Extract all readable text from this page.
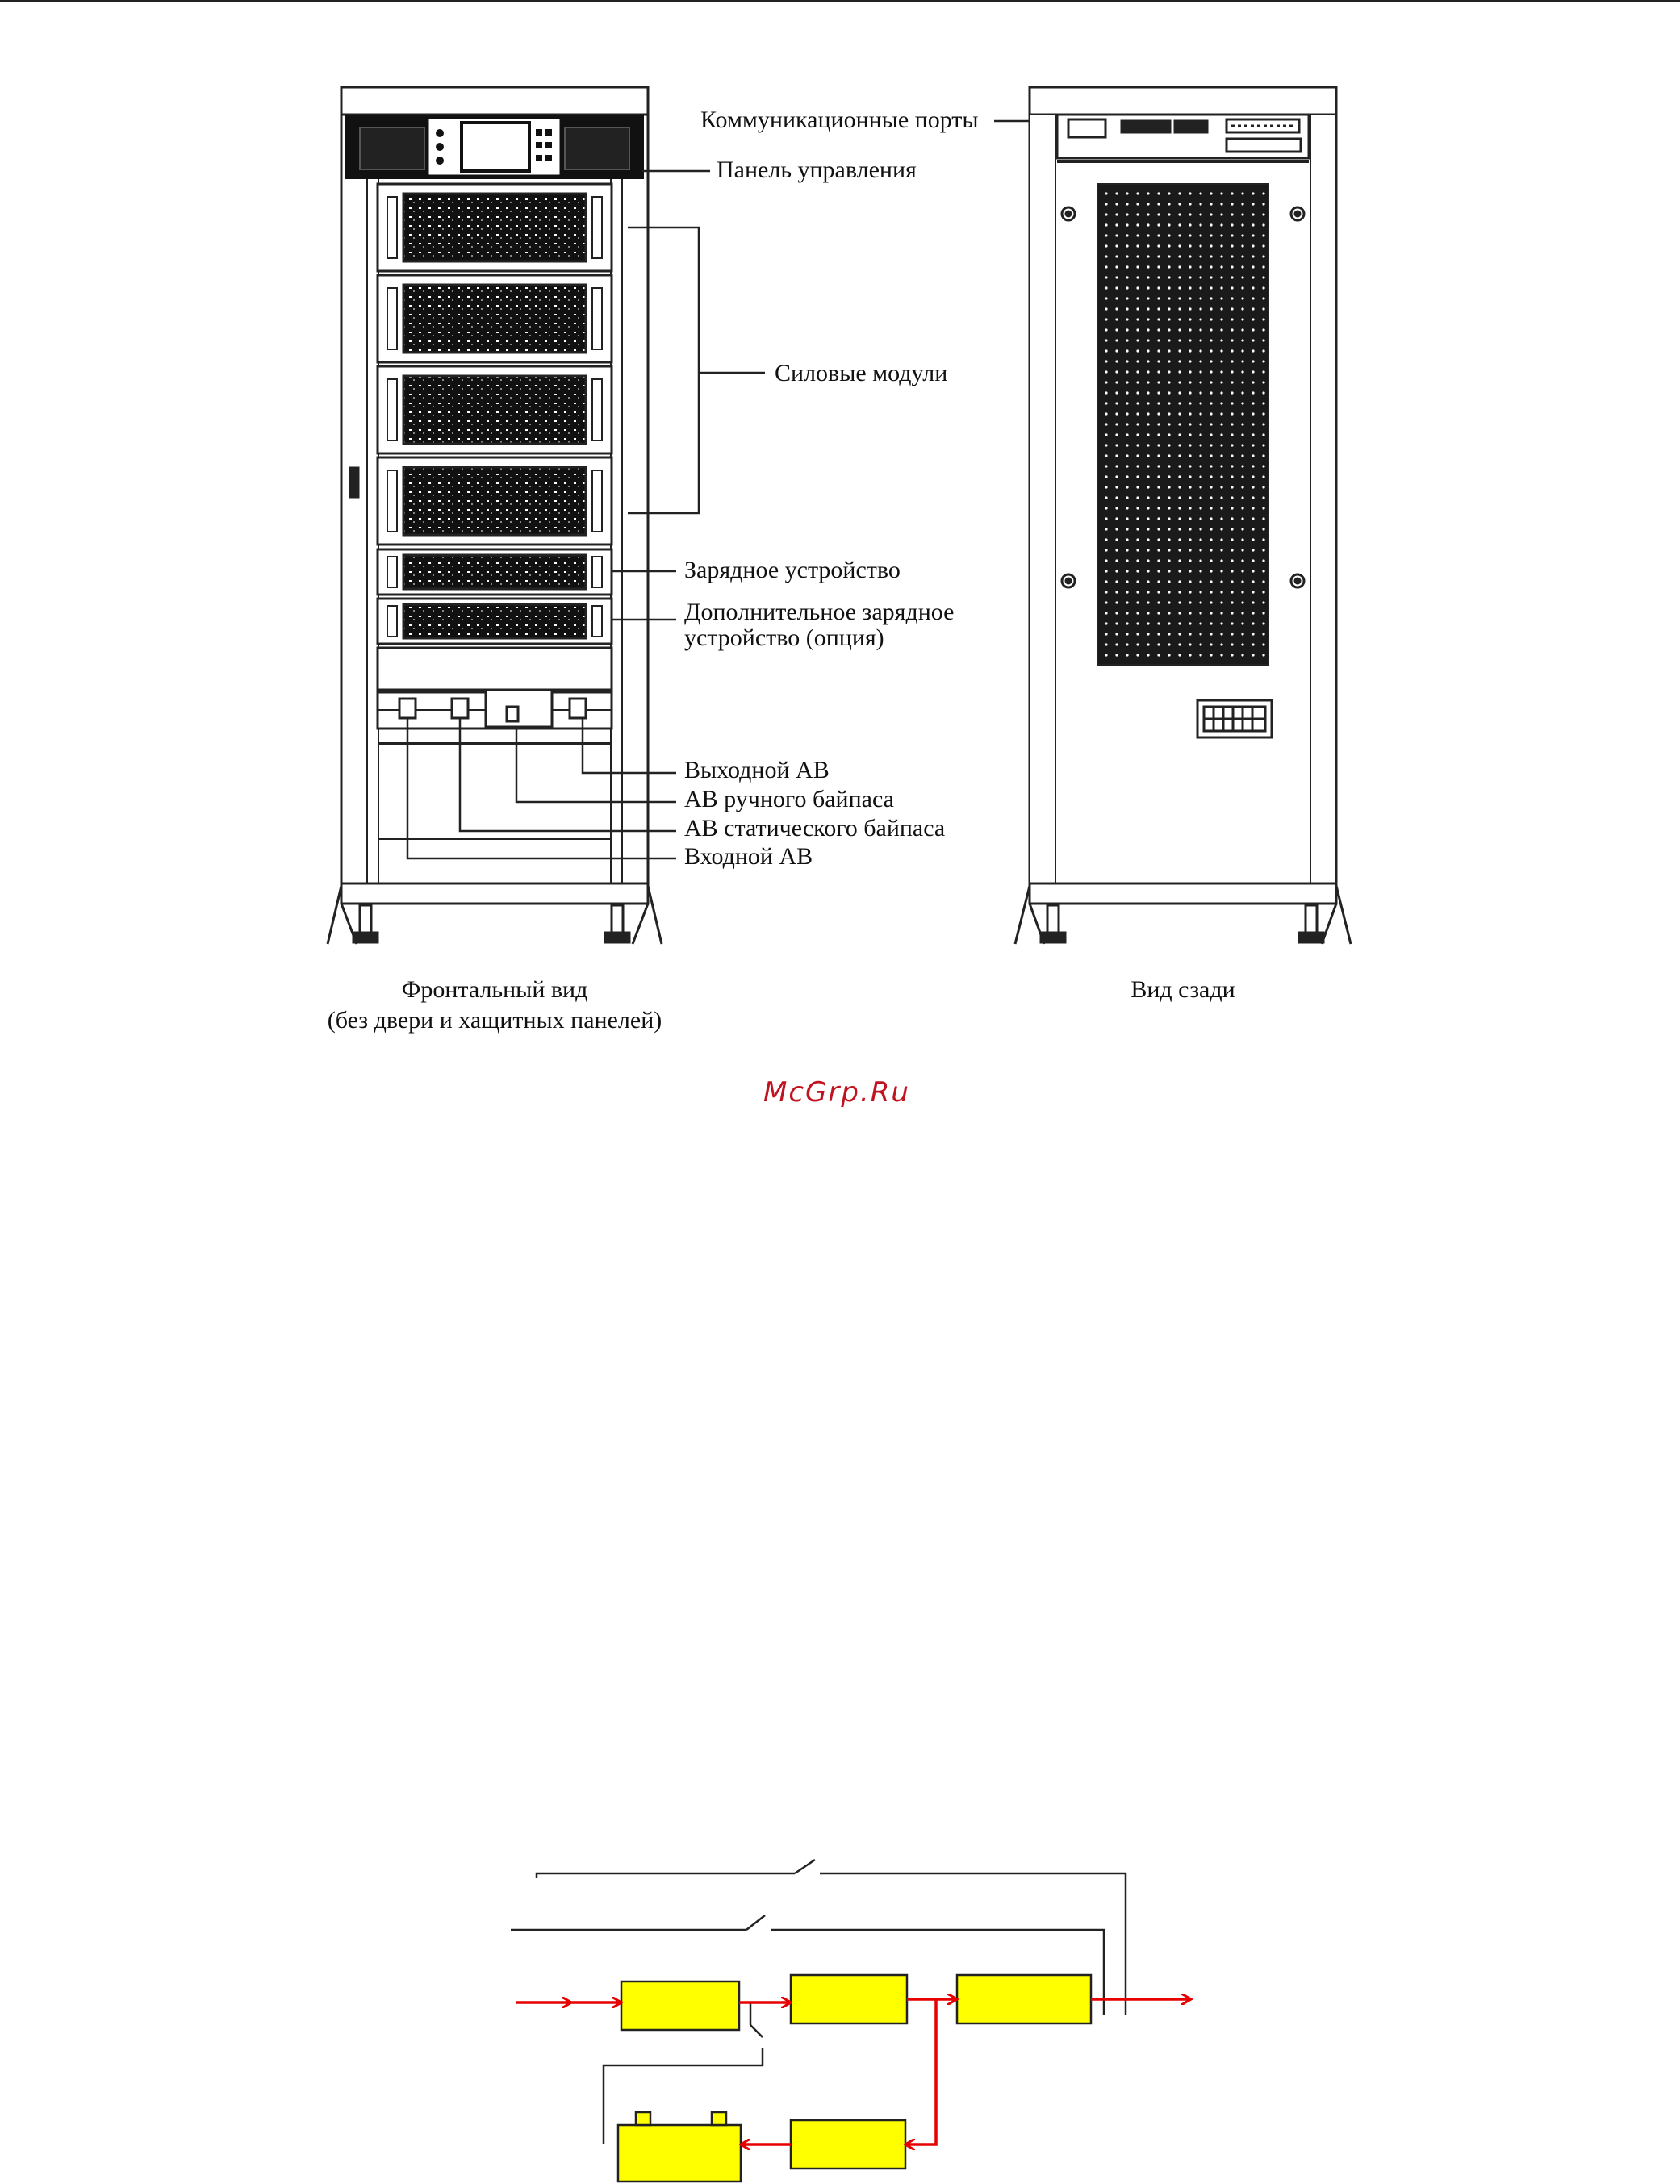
Коммуникационные порты
Панель управления
Силовые модули
Зарядное устройство
Дополнительное зарядное
устройство (опция)
Выходной АВ
АВ ручного байпаса
АВ статического байпаса
Входной АВ
Фронтальный вид
(без двери и хащитных панелей)
Вид сзади
McGrp.Ru
